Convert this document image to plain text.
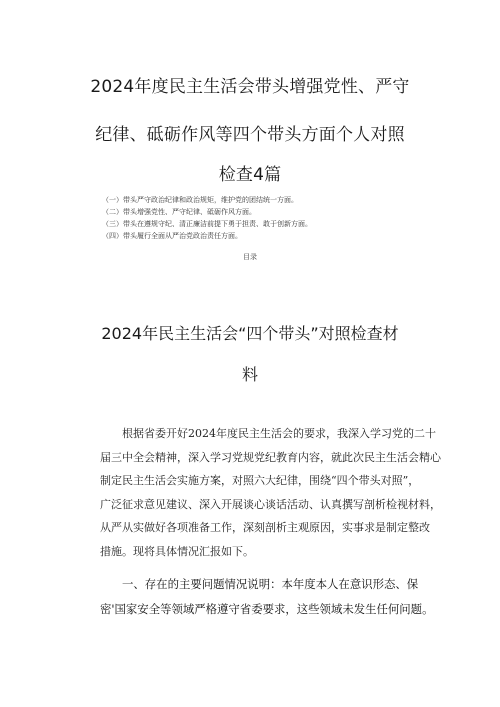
2024年度民主生活会带头增强党性、严守
纪律、砥砺作风等四个带头方面个人对照
检查4篇
（一）带头严守政治纪律和政治规矩，维护党的团结统一方面。
（二）带头增强党性、严守纪律、砥砺作风方面。
（三）带头在遵规守纪、清正廉洁前提下勇于担责、敢于创新方面。
（四）带头履行全面从严治党政治责任方面。
目录
2024年民主生活会“四个带头”对照检查材
料
根据省委开好2024年度民主生活会的要求，我深入学习党的二十
届三中全会精神，深入学习党规党纪教育内容，就此次民主生活会精心
制定民主生活会实施方案，对照六大纪律，围绕“四个带头对照”，
广泛征求意见建议、深入开展谈心谈话活动、认真撰写剖析检视材料，
从严从实做好各项准备工作，深刻剖析主观原因，实事求是制定整改
措施。现将具体情况汇报如下。
一、存在的主要问题情况说明：本年度本人在意识形态、保
密'国家安全等领域严格遵守省委要求，这些领域未发生任何问题。
